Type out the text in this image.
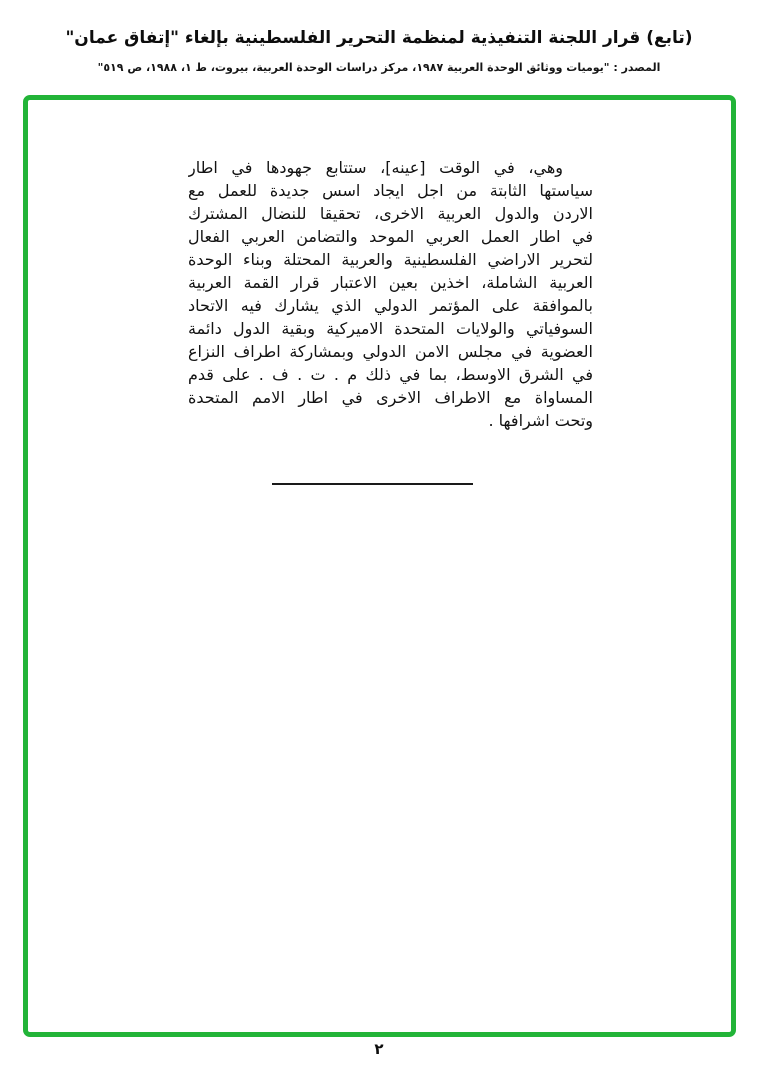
(تابع) قرار اللجنة التنفيذية لمنظمة التحرير الفلسطينية بإلغاء "إتفاق عمان"
المصدر : "يوميات ووثائق الوحدة العربية ١٩٨٧، مركز دراسات الوحدة العربية، بيروت، ط ١، ١٩٨٨، ص ٥١٩"
وهي، في الوقت [عينه]، ستتابع جهودها في اطار
سياستها الثابتة من اجل ايجاد اسس جديدة للعمل مع
الاردن والدول العربية الاخرى، تحقيقا للنضال المشترك
في اطار العمل العربي الموحد والتضامن العربي الفعال
لتحرير الاراضي الفلسطينية والعربية المحتلة وبناء الوحدة
العربية الشاملة، اخذين بعين الاعتبار قرار القمة العربية
بالموافقة على المؤتمر الدولي الذي يشارك فيه الاتحاد
السوفياتي والولايات المتحدة الاميركية وبقية الدول دائمة
العضوية في مجلس الامن الدولي وبمشاركة اطراف النزاع
في الشرق الاوسط، بما في ذلك م . ت . ف . على قدم
المساواة مع الاطراف الاخرى في اطار الامم المتحدة
وتحت اشرافها .
٢
